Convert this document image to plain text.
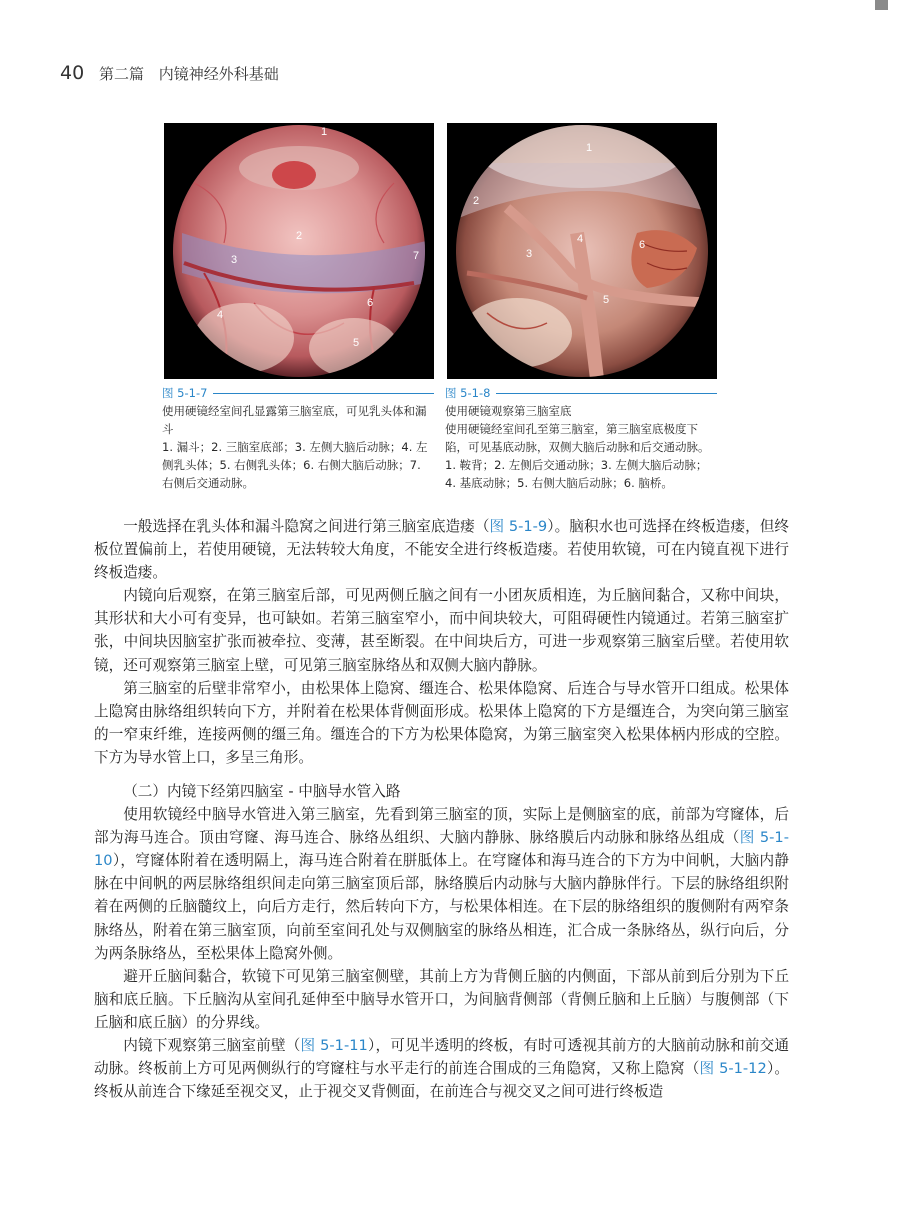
40 第二篇 内镜神经外科基础
1
2
3
4
5
6
7
1
2
3
4
5
6
图 5-1-7

使用硬镜经室间孔显露第三脑室底，可见乳头体和漏斗

1. 漏斗；2. 三脑室底部；3. 左侧大脑后动脉；4. 左侧乳头体；5. 右侧乳头体；6. 右侧大脑后动脉；7. 右侧后交通动脉。

图 5-1-8

使用硬镜观察第三脑室底

使用硬镜经室间孔至第三脑室，第三脑室底极度下陷，可见基底动脉，双侧大脑后动脉和后交通动脉。1. 鞍背；2. 左侧后交通动脉；3. 左侧大脑后动脉；4. 基底动脉；5. 右侧大脑后动脉；6. 脑桥。

一般选择在乳头体和漏斗隐窝之间进行第三脑室底造瘘（图 5-1-9）。脑积水也可选择在终板造瘘，但终板位置偏前上，若使用硬镜，无法转较大角度，不能安全进行终板造瘘。若使用软镜，可在内镜直视下进行终板造瘘。

内镜向后观察，在第三脑室后部，可见两侧丘脑之间有一小团灰质相连，为丘脑间黏合，又称中间块，其形状和大小可有变异，也可缺如。若第三脑室窄小，而中间块较大，可阻碍硬性内镜通过。若第三脑室扩张，中间块因脑室扩张而被牵拉、变薄，甚至断裂。在中间块后方，可进一步观察第三脑室后壁。若使用软镜，还可观察第三脑室上壁，可见第三脑室脉络丛和双侧大脑内静脉。

第三脑室的后壁非常窄小，由松果体上隐窝、缰连合、松果体隐窝、后连合与导水管开口组成。松果体上隐窝由脉络组织转向下方，并附着在松果体背侧面形成。松果体上隐窝的下方是缰连合，为突向第三脑室的一窄束纤维，连接两侧的缰三角。缰连合的下方为松果体隐窝，为第三脑室突入松果体柄内形成的空腔。下方为导水管上口，多呈三角形。

（二）内镜下经第四脑室 - 中脑导水管入路

使用软镜经中脑导水管进入第三脑室，先看到第三脑室的顶，实际上是侧脑室的底，前部为穹窿体，后部为海马连合。顶由穹窿、海马连合、脉络丛组织、大脑内静脉、脉络膜后内动脉和脉络丛组成（图 5-1-10），穹窿体附着在透明隔上，海马连合附着在胼胝体上。在穹窿体和海马连合的下方为中间帆，大脑内静脉在中间帆的两层脉络组织间走向第三脑室顶后部，脉络膜后内动脉与大脑内静脉伴行。下层的脉络组织附着在两侧的丘脑髓纹上，向后方走行，然后转向下方，与松果体相连。在下层的脉络组织的腹侧附有两窄条脉络丛，附着在第三脑室顶，向前至室间孔处与双侧脑室的脉络丛相连，汇合成一条脉络丛，纵行向后，分为两条脉络丛，至松果体上隐窝外侧。

避开丘脑间黏合，软镜下可见第三脑室侧壁，其前上方为背侧丘脑的内侧面，下部从前到后分别为下丘脑和底丘脑。下丘脑沟从室间孔延伸至中脑导水管开口，为间脑背侧部（背侧丘脑和上丘脑）与腹侧部（下丘脑和底丘脑）的分界线。

内镜下观察第三脑室前壁（图 5-1-11），可见半透明的终板，有时可透视其前方的大脑前动脉和前交通动脉。终板前上方可见两侧纵行的穹窿柱与水平走行的前连合围成的三角隐窝，又称上隐窝（图 5-1-12）。终板从前连合下缘延至视交叉，止于视交叉背侧面，在前连合与视交叉之间可进行终板造
